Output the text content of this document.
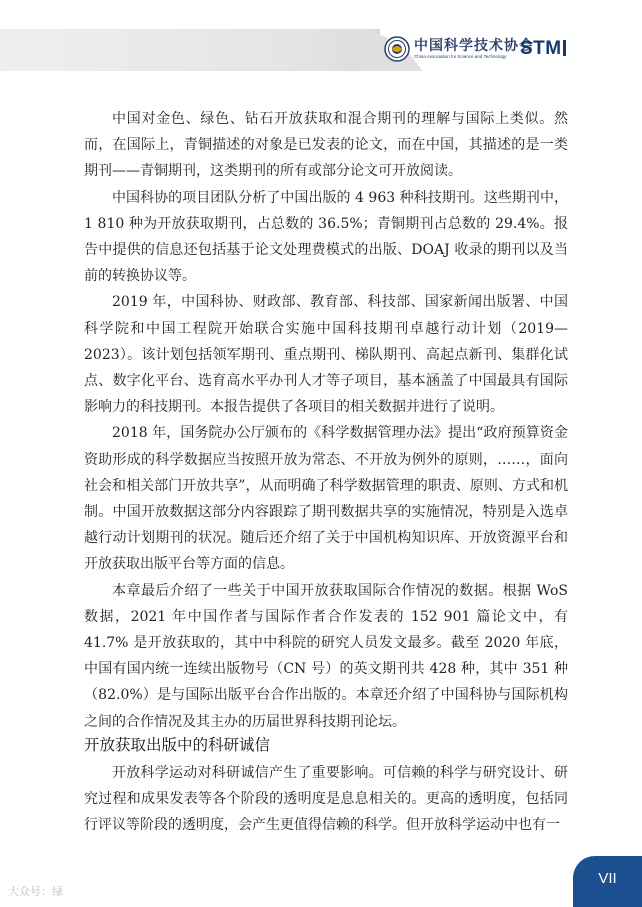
中国科学技术协会
China Association for Science and Technology STM

中国对金色、绿色、钻石开放获取和混合期刊的理解与国际上类似。然而，在国际上，青铜描述的对象是已发表的论文，而在中国，其描述的是一类期刊——青铜期刊，这类期刊的所有或部分论文可开放阅读。

中国科协的项目团队分析了中国出版的 4 963 种科技期刊。这些期刊中，1 810 种为开放获取期刊，占总数的 36.5%；青铜期刊占总数的 29.4%。报告中提供的信息还包括基于论文处理费模式的出版、DOAJ 收录的期刊以及当前的转换协议等。

2019 年，中国科协、财政部、教育部、科技部、国家新闻出版署、中国科学院和中国工程院开始联合实施中国科技期刊卓越行动计划（2019—2023）。该计划包括领军期刊、重点期刊、梯队期刊、高起点新刊、集群化试点、数字化平台、选育高水平办刊人才等子项目，基本涵盖了中国最具有国际影响力的科技期刊。本报告提供了各项目的相关数据并进行了说明。

2018 年，国务院办公厅颁布的《科学数据管理办法》提出“政府预算资金资助形成的科学数据应当按照开放为常态、不开放为例外的原则，……，面向社会和相关部门开放共享”，从而明确了科学数据管理的职责、原则、方式和机制。中国开放数据这部分内容跟踪了期刊数据共享的实施情况，特别是入选卓越行动计划期刊的状况。随后还介绍了关于中国机构知识库、开放资源平台和开放获取出版平台等方面的信息。

本章最后介绍了一些关于中国开放获取国际合作情况的数据。根据 WoS 数据，2021 年中国作者与国际作者合作发表的 152 901 篇论文中，有 41.7% 是开放获取的，其中中科院的研究人员发文最多。截至 2020 年底，中国有国内统一连续出版物号（CN 号）的英文期刊共 428 种，其中 351 种（82.0%）是与国际出版平台合作出版的。本章还介绍了中国科协与国际机构之间的合作情况及其主办的历届世界科技期刊论坛。

开放获取出版中的科研诚信

开放科学运动对科研诚信产生了重要影响。可信赖的科学与研究设计、研究过程和成果发表等各个阶段的透明度是息息相关的。更高的透明度，包括同行评议等阶段的透明度，会产生更值得信赖的科学。但开放科学运动中也有一

VII
大众号：绿
